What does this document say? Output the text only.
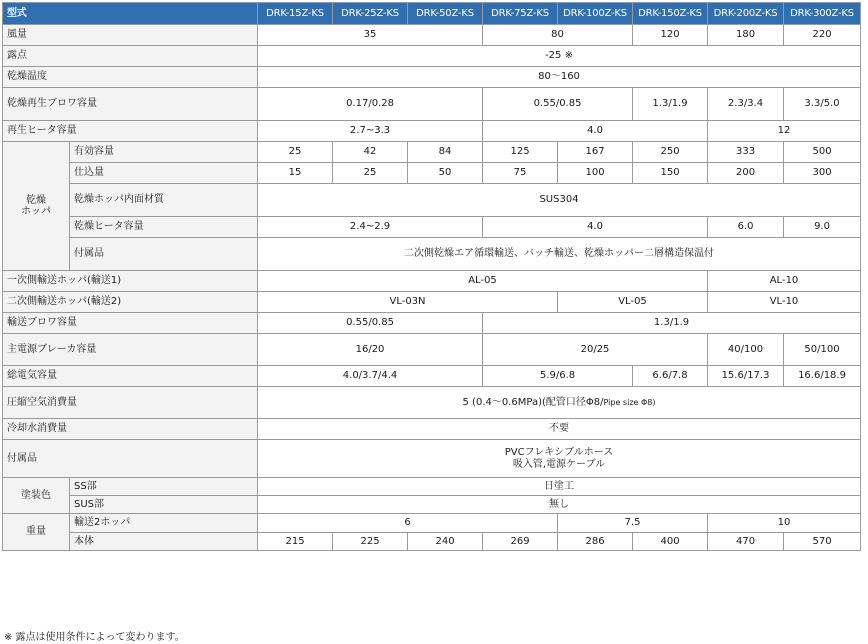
型式		DRK-15Z-KS	DRK-25Z-KS	DRK-50Z-KS	DRK-75Z-KS	DRK-100Z-KS	DRK-150Z-KS	DRK-200Z-KS	DRK-300Z-KS
風量		35			80		120	180	220
露点		-25 ※							
乾燥温度		80～160							
乾燥再生ブロワ容量		0.17/0.28			0.55/0.85		1.3/1.9	2.3/3.4	3.3/5.0
再生ヒータ容量		2.7~3.3			4.0			12	
乾燥
ホッパ	有効容量	25	42	84	125	167	250	333	500
	仕込量	15	25	50	75	100	150	200	300
	乾燥ホッパ内面材質	SUS304							
	乾燥ヒータ容量	2.4~2.9			4.0			6.0	9.0
	付属品	二次側乾燥エア循環輸送、バッチ輸送、乾燥ホッパー二層構造保温付							
一次側輸送ホッパ(輸送1)		AL-05						AL-10	
二次側輸送ホッパ(輸送2)		VL-03N				VL-05		VL-10	
輸送ブロワ容量		0.55/0.85			1.3/1.9				
主電源ブレーカ容量		16/20			20/25			40/100	50/100
総電気容量		4.0/3.7/4.4			5.9/6.8		6.6/7.8	15.6/17.3	16.6/18.9
圧縮空気消費量		5 (0.4～0.6MPa)(配管口径Φ8/Pipe size Φ8)							
冷却水消費量		不要							
付属品		PVCフレキシブルホース
吸入管,電源ケーブル							

塗装色	SS部	日塗工							
	SUS部	無し							
重量	輸送2ホッパ	6				7.5		10	
	本体	215	225	240	269	286	400	470	570
※ 露点は使用条件によって変わります。
